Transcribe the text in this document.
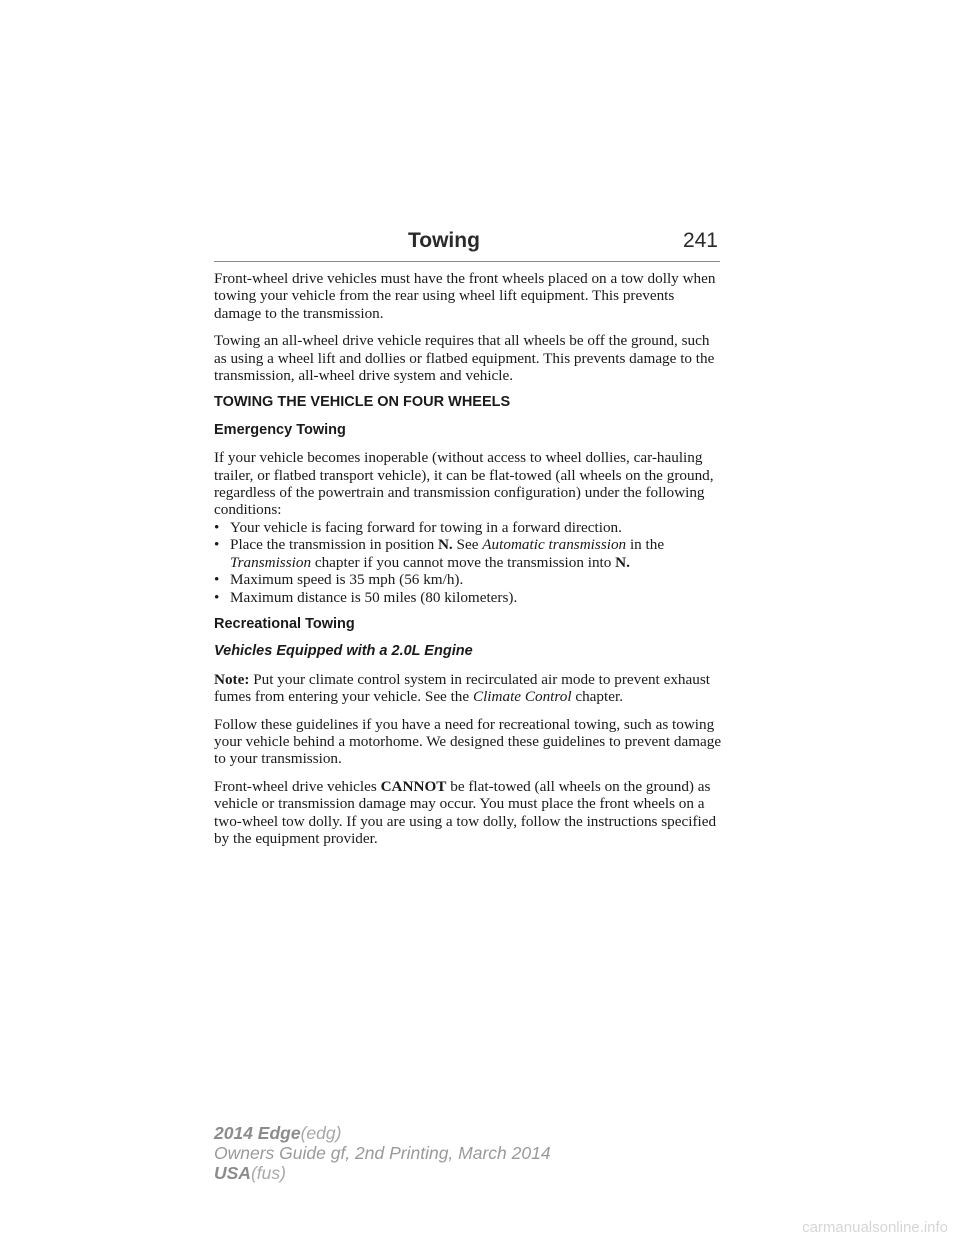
Towing	241

Front-wheel drive vehicles must have the front wheels placed on a tow dolly when towing your vehicle from the rear using wheel lift equipment. This prevents damage to the transmission.

Towing an all-wheel drive vehicle requires that all wheels be off the ground, such as using a wheel lift and dollies or flatbed equipment. This prevents damage to the transmission, all-wheel drive system and vehicle.

TOWING THE VEHICLE ON FOUR WHEELS
Emergency Towing
If your vehicle becomes inoperable (without access to wheel dollies, car-hauling trailer, or flatbed transport vehicle), it can be flat-towed (all wheels on the ground, regardless of the powertrain and transmission configuration) under the following conditions:
• Your vehicle is facing forward for towing in a forward direction.
• Place the transmission in position N. See Automatic transmission in the Transmission chapter if you cannot move the transmission into N.
• Maximum speed is 35 mph (56 km/h).
• Maximum distance is 50 miles (80 kilometers).
Recreational Towing
Vehicles Equipped with a 2.0L Engine

Note: Put your climate control system in recirculated air mode to prevent exhaust fumes from entering your vehicle. See the Climate Control chapter.

Follow these guidelines if you have a need for recreational towing, such as towing your vehicle behind a motorhome. We designed these guidelines to prevent damage to your transmission.

Front-wheel drive vehicles CANNOT be flat-towed (all wheels on the ground) as vehicle or transmission damage may occur. You must place the front wheels on a two-wheel tow dolly. If you are using a tow dolly, follow the instructions specified by the equipment provider.

2014 Edge(edg)
Owners Guide gf, 2nd Printing, March 2014
USA(fus)
carmanualsonline.info
